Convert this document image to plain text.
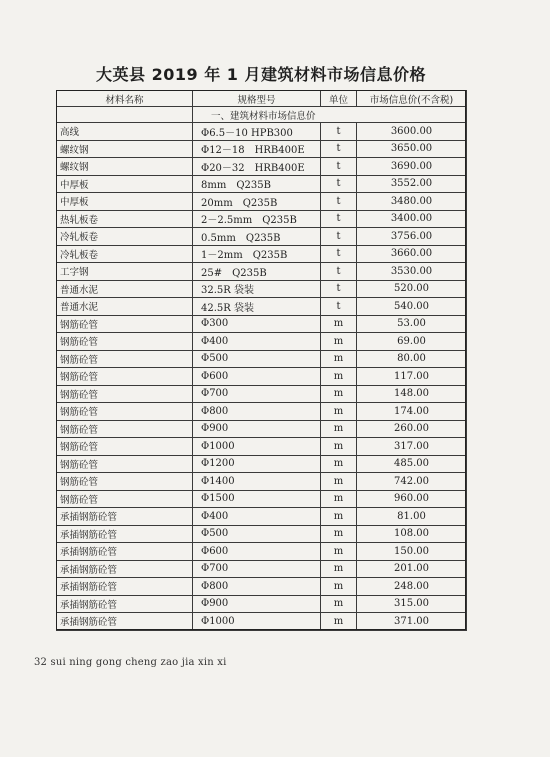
大英县 2019 年 1 月建筑材料市场信息价格
材料名称	规格型号	单位	市场信息价(不含税)
	一、建筑材料市场信息价		
高线	Φ6.5－10 HPB300	t	3600.00
螺纹钢	Φ12－18　HRB400E	t	3650.00
螺纹钢	Φ20－32　HRB400E	t	3690.00
中厚板	8mm　Q235B	t	3552.00
中厚板	20mm　Q235B	t	3480.00
热轧板卷	2－2.5mm　Q235B	t	3400.00
冷轧板卷	0.5mm　Q235B	t	3756.00
冷轧板卷	1－2mm　Q235B	t	3660.00
工字钢	25#　Q235B	t	3530.00
普通水泥	32.5R 袋装	t	520.00
普通水泥	42.5R 袋装	t	540.00
钢筋砼管	Φ300	m	53.00
钢筋砼管	Φ400	m	69.00
钢筋砼管	Φ500	m	80.00
钢筋砼管	Φ600	m	117.00
钢筋砼管	Φ700	m	148.00
钢筋砼管	Φ800	m	174.00
钢筋砼管	Φ900	m	260.00
钢筋砼管	Φ1000	m	317.00
钢筋砼管	Φ1200	m	485.00
钢筋砼管	Φ1400	m	742.00
钢筋砼管	Φ1500	m	960.00
承插钢筋砼管	Φ400	m	81.00
承插钢筋砼管	Φ500	m	108.00
承插钢筋砼管	Φ600	m	150.00
承插钢筋砼管	Φ700	m	201.00
承插钢筋砼管	Φ800	m	248.00
承插钢筋砼管	Φ900	m	315.00
承插钢筋砼管	Φ1000	m	371.00
32 sui ning gong cheng zao jia xin xi
